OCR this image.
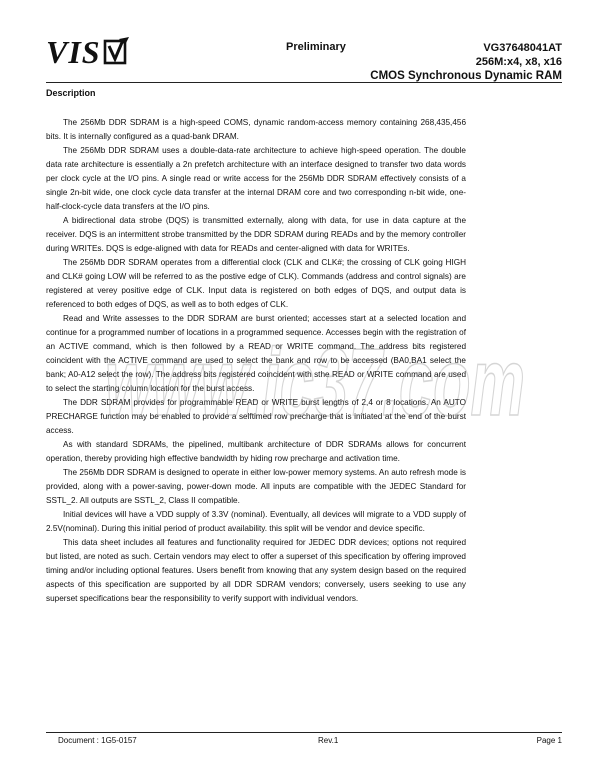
VIS	Preliminary	VG37648041AT
256M:x4, x8, x16
CMOS Synchronous Dynamic RAM
Description

The 256Mb DDR SDRAM is a high-speed COMS, dynamic random-access memory containing 268,435,456 bits. It is internally configured as a quad-bank DRAM.

The 256Mb DDR SDRAM uses a double-data-rate architecture to achieve high-speed operation. The double data rate architecture is essentially a 2n prefetch architecture with an interface designed to transfer two data words per clock cycle at the I/O pins. A single read or write access for the 256Mb DDR SDRAM effectively consists of a single 2n-bit wide, one clock cycle data transfer at the internal DRAM core and two corresponding n-bit wide, one-half-clock-cycle data transfers at the I/O pins.

A bidirectional data strobe (DQS) is transmitted externally, along with data, for use in data capture at the receiver. DQS is an intermittent strobe transmitted by the DDR SDRAM during READs and by the memory controller during WRITEs. DQS is edge-aligned with data for READs and center-aligned with data for WRITEs.

The 256Mb DDR SDRAM operates from a differential clock (CLK and CLK#; the crossing of CLK going HIGH and CLK# going LOW will be referred to as the postive edge of CLK). Commands (address and control signals) are registered at verey positive edge of CLK. Input data is registered on both edges of DQS, and output data is referenced to both edges of DQS, as well as to both edges of CLK.

Read and Write assesses to the DDR SDRAM are burst oriented; accesses start at a selected location and continue for a programmed number of locations in a programmed sequence. Accesses begin with the registration of an ACTIVE command, which is then followed by a READ or WRITE command. The address bits registered coincident with the ACTIVE command are used to select the bank and row to be accessed (BA0,BA1 select the bank; A0-A12 select the row). The address bits registered coincident with sthe READ or WRITE command are used to select the starting column location for the burst access.

The DDR SDRAM provides for programmable READ or WRITE burst lengths of 2,4 or 8 locations. An AUTO PRECHARGE function may be enabled to provide a selftimed row precharge that is initiated at the end of the burst access.

As with standard SDRAMs, the pipelined, multibank architecture of DDR SDRAMs allows for concurrent operation, thereby providing high effective bandwidth by hiding row precharge and activation time.

The 256Mb DDR SDRAM is designed to operate in either low-power memory systems. An auto refresh mode is provided, along with a power-saving, power-down mode. All inputs are compatible with the JEDEC Standard for SSTL_2. All outputs are SSTL_2, Class II compatible.

Initial devices will have a VDD supply of 3.3V (nominal). Eventually, all devices will migrate to a VDD supply of 2.5V(nominal). During this initial period of product availability. this split will be vendor and device specific.

This data sheet includes all features and functionality required for JEDEC DDR devices; options not required but listed, are noted as such. Certain vendors may elect to offer a superset of this specification by offering improved timing and/or including optional features. Users benefit from knowing that any system design based on the required aspects of this specification are supported by all DDR SDRAM vendors; conversely, users seeking to use any superset specifications bear the responsibility to verify support with individual vendors.

www.ic37.com
Document : 1G5-0157	Rev.1	Page 1
